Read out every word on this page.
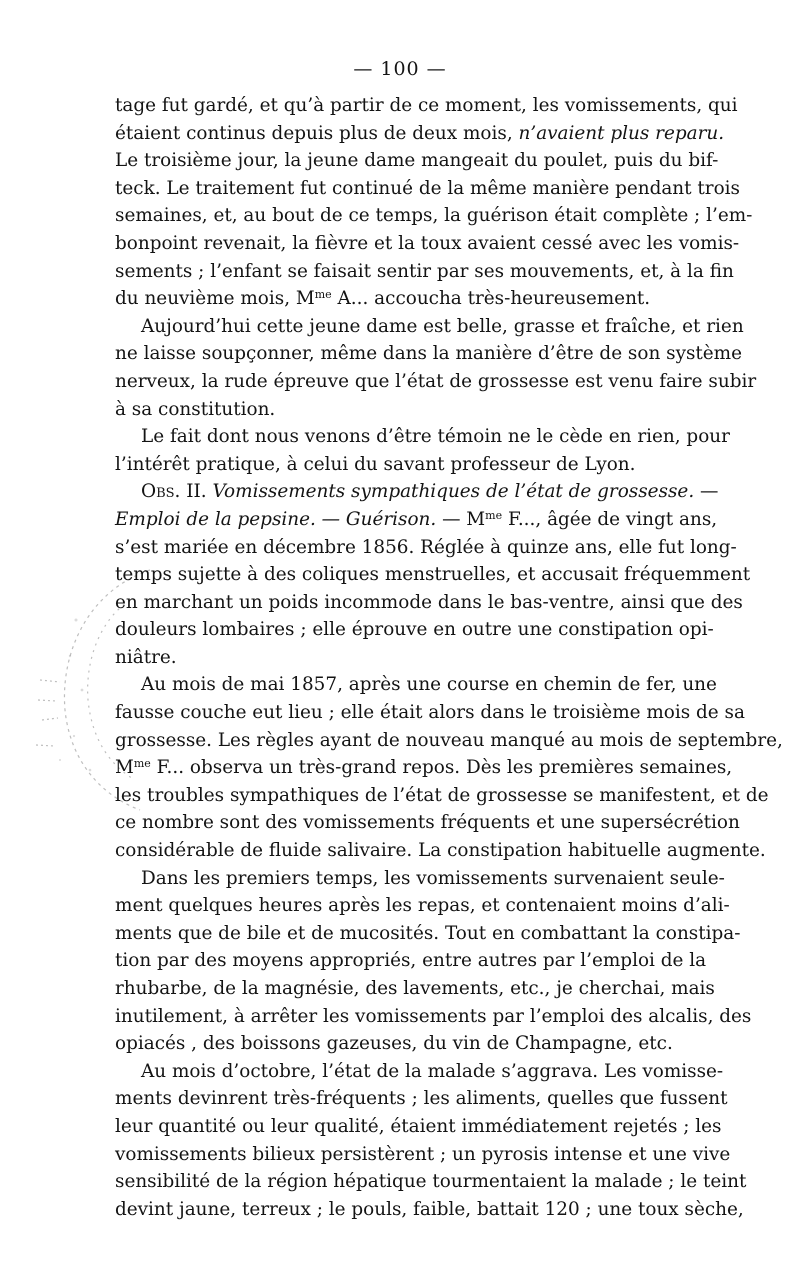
— 100 —
tage fut gardé, et qu’à partir de ce moment, les vomissements, qui
étaient continus depuis plus de deux mois, n’avaient plus reparu.
Le troisième jour, la jeune dame mangeait du poulet, puis du bif-
teck. Le traitement fut continué de la même manière pendant trois
semaines, et, au bout de ce temps, la guérison était complète ; l’em-
bonpoint revenait, la fièvre et la toux avaient cessé avec les vomis-
sements ; l’enfant se faisait sentir par ses mouvements, et, à la fin
du neuvième mois, $M^{me}$ A... accoucha très-heureusement.
Aujourd’hui cette jeune dame est belle, grasse et fraîche, et rien
ne laisse soupçonner, même dans la manière d’être de son système
nerveux, la rude épreuve que l’état de grossesse est venu faire subir
à sa constitution.
Le fait dont nous venons d’être témoin ne le cède en rien, pour
l’intérêt pratique, à celui du savant professeur de Lyon.
Obs. II. Vomissements sympathiques de l’état de grossesse. —
Emploi de la pepsine. — Guérison. — $M^{me}$ F..., âgée de vingt ans,
s’est mariée en décembre 1856. Réglée à quinze ans, elle fut long-
temps sujette à des coliques menstruelles, et accusait fréquemment
en marchant un poids incommode dans le bas-ventre, ainsi que des
douleurs lombaires ; elle éprouve en outre une constipation opi-
niâtre.
Au mois de mai 1857, après une course en chemin de fer, une
fausse couche eut lieu ; elle était alors dans le troisième mois de sa
grossesse. Les règles ayant de nouveau manqué au mois de septembre,
$M^{me}$ F... observa un très-grand repos. Dès les premières semaines,
les troubles sympathiques de l’état de grossesse se manifestent, et de
ce nombre sont des vomissements fréquents et une supersécrétion
considérable de fluide salivaire. La constipation habituelle augmente.
Dans les premiers temps, les vomissements survenaient seule-
ment quelques heures après les repas, et contenaient moins d’ali-
ments que de bile et de mucosités. Tout en combattant la constipa-
tion par des moyens appropriés, entre autres par l’emploi de la
rhubarbe, de la magnésie, des lavements, etc., je cherchai, mais
inutilement, à arrêter les vomissements par l’emploi des alcalis, des
opiacés , des boissons gazeuses, du vin de Champagne, etc.
Au mois d’octobre, l’état de la malade s’aggrava. Les vomisse-
ments devinrent très-fréquents ; les aliments, quelles que fussent
leur quantité ou leur qualité, étaient immédiatement rejetés ; les
vomissements bilieux persistèrent ; un pyrosis intense et une vive
sensibilité de la région hépatique tourmentaient la malade ; le teint
devint jaune, terreux ; le pouls, faible, battait 120 ; une toux sèche,
